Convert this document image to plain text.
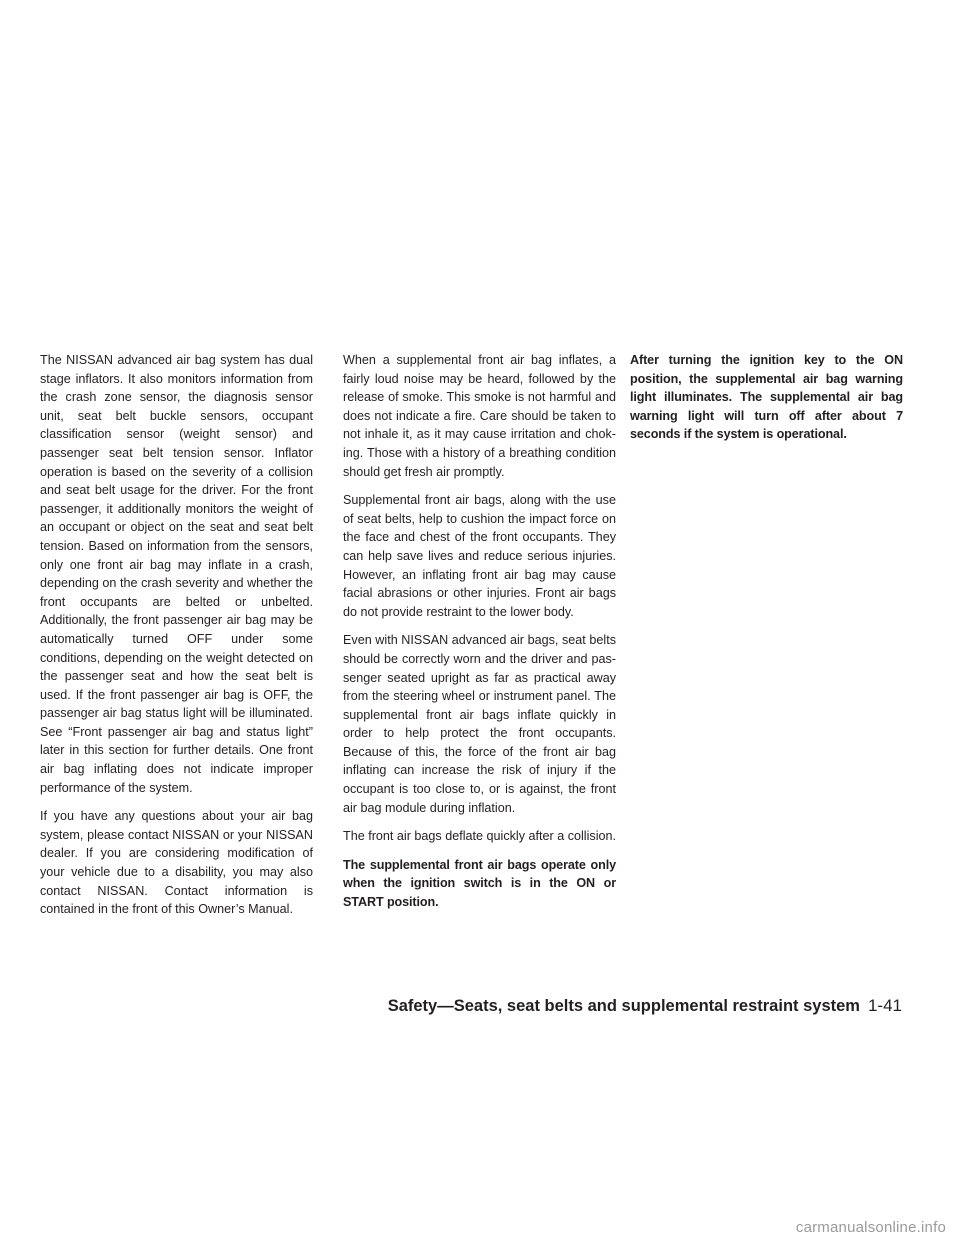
The NISSAN advanced air bag system has dual stage inflators. It also monitors information from the crash zone sensor, the diagnosis sensor unit, seat belt buckle sensors, occupant classification sensor (weight sensor) and passenger seat belt tension sensor. Inflator operation is based on the severity of a collision and seat belt usage for the driver. For the front passenger, it additionally monitors the weight of an occupant or object on the seat and seat belt tension. Based on information from the sensors, only one front air bag may inflate in a crash, depending on the crash severity and whether the front occupants are belted or unbelted. Additionally, the front passenger air bag may be automatically turned OFF under some conditions, depending on the weight detected on the passenger seat and how the seat belt is used. If the front passenger air bag is OFF, the passenger air bag status light will be illuminated. See “Front passenger air bag and status light” later in this section for further details. One front air bag inflating does not indicate improper performance of the system.

If you have any questions about your air bag system, please contact NISSAN or your NISSAN dealer. If you are considering modification of your vehicle due to a disability, you may also contact NISSAN. Contact information is contained in the front of this Owner’s Manual.

When a supplemental front air bag inflates, a fairly loud noise may be heard, followed by the release of smoke. This smoke is not harmful and does not indicate a fire. Care should be taken to not inhale it, as it may cause irritation and choking. Those with a history of a breathing condition should get fresh air promptly.

Supplemental front air bags, along with the use of seat belts, help to cushion the impact force on the face and chest of the front occupants. They can help save lives and reduce serious injuries. However, an inflating front air bag may cause facial abrasions or other injuries. Front air bags do not provide restraint to the lower body.

Even with NISSAN advanced air bags, seat belts should be correctly worn and the driver and passenger seated upright as far as practical away from the steering wheel or instrument panel. The supplemental front air bags inflate quickly in order to help protect the front occupants. Because of this, the force of the front air bag inflating can increase the risk of injury if the occupant is too close to, or is against, the front air bag module during inflation.

The front air bags deflate quickly after a collision.

The supplemental front air bags operate only when the ignition switch is in the ON or START position.

After turning the ignition key to the ON position, the supplemental air bag warning light illuminates. The supplemental air bag warning light will turn off after about 7 seconds if the system is operational.

Safety—Seats, seat belts and supplemental restraint system 1-41
carmanualsonline.info
